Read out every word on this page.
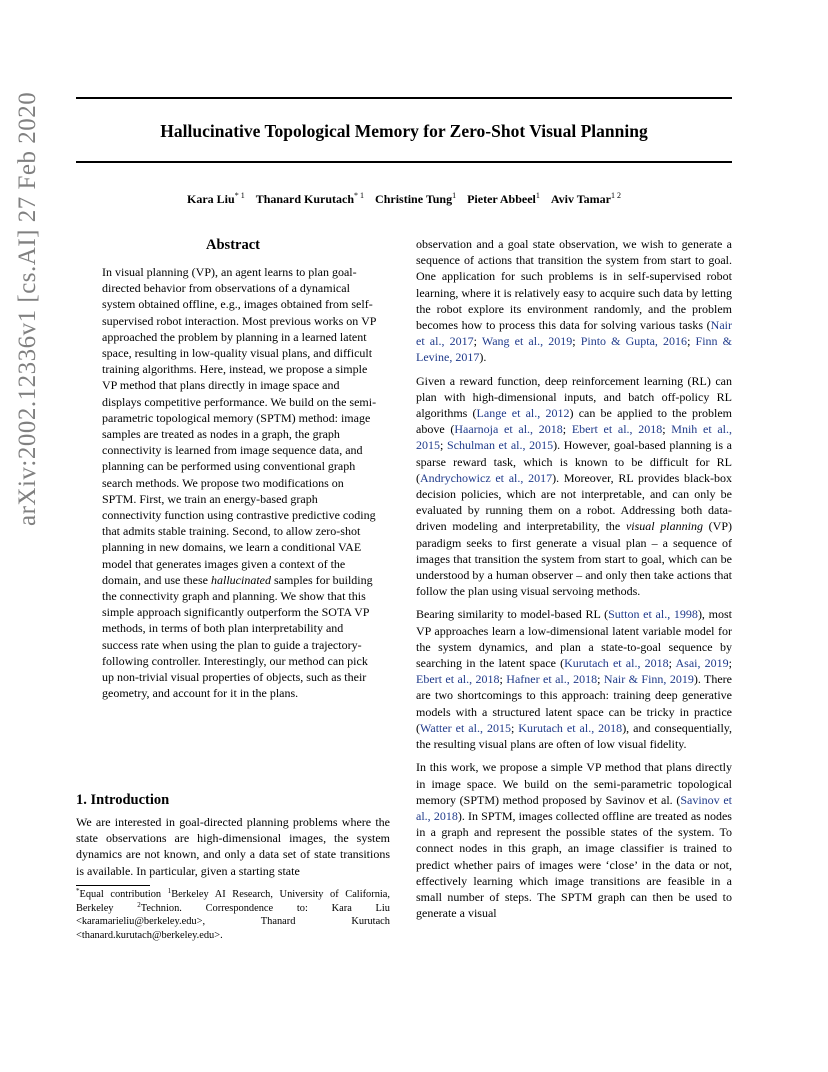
arXiv:2002.12336v1 [cs.AI] 27 Feb 2020	Hallucinative Topological Memory for Zero-Shot Visual Planning
Kara Liu$^{* 1}$ Thanard Kurutach$^{* 1}$ Christine Tung$^1$ Pieter Abbeel$^1$ Aviv Tamar$^{1 2}$
Abstract

In visual planning (VP), an agent learns to plan goal-directed behavior from observations of a dynamical system obtained offline, e.g., images obtained from self-supervised robot interaction. Most previous works on VP approached the problem by planning in a learned latent space, resulting in low-quality visual plans, and difficult training algorithms. Here, instead, we propose a simple VP method that plans directly in image space and displays competitive performance. We build on the semi-parametric topological memory (SPTM) method: image samples are treated as nodes in a graph, the graph connectivity is learned from image sequence data, and planning can be performed using conventional graph search methods. We propose two modifications on SPTM. First, we train an energy-based graph connectivity function using contrastive predictive coding that admits stable training. Second, to allow zero-shot planning in new domains, we learn a conditional VAE model that generates images given a context of the domain, and use these hallucinated samples for building the connectivity graph and planning. We show that this simple approach significantly outperform the SOTA VP methods, in terms of both plan interpretability and success rate when using the plan to guide a trajectory-following controller. Interestingly, our method can pick up non-trivial visual properties of objects, such as their geometry, and account for it in the plans.

1. Introduction

We are interested in goal-directed planning problems where the state observations are high-dimensional images, the system dynamics are not known, and only a data set of state transitions is available. In particular, given a starting state

*Equal contribution $^1$Berkeley AI Research, University of California, Berkeley $^2$Technion. Correspondence to: Kara Liu <karamarieliu@berkeley.edu>, Thanard Kurutach <thanard.kurutach@berkeley.edu>.

observation and a goal state observation, we wish to generate a sequence of actions that transition the system from start to goal. One application for such problems is in self-supervised robot learning, where it is relatively easy to acquire such data by letting the robot explore its environment randomly, and the problem becomes how to process this data for solving various tasks (Nair et al., 2017; Wang et al., 2019; Pinto & Gupta, 2016; Finn & Levine, 2017).

Given a reward function, deep reinforcement learning (RL) can plan with high-dimensional inputs, and batch off-policy RL algorithms (Lange et al., 2012) can be applied to the problem above (Haarnoja et al., 2018; Ebert et al., 2018; Mnih et al., 2015; Schulman et al., 2015). However, goal-based planning is a sparse reward task, which is known to be difficult for RL (Andrychowicz et al., 2017). Moreover, RL provides black-box decision policies, which are not interpretable, and can only be evaluated by running them on a robot. Addressing both data-driven modeling and interpretability, the visual planning (VP) paradigm seeks to first generate a visual plan – a sequence of images that transition the system from start to goal, which can be understood by a human observer – and only then take actions that follow the plan using visual servoing methods.

Bearing similarity to model-based RL (Sutton et al., 1998), most VP approaches learn a low-dimensional latent variable model for the system dynamics, and plan a state-to-goal sequence by searching in the latent space (Kurutach et al., 2018; Asai, 2019; Ebert et al., 2018; Hafner et al., 2018; Nair & Finn, 2019). There are two shortcomings to this approach: training deep generative models with a structured latent space can be tricky in practice (Watter et al., 2015; Kurutach et al., 2018), and consequentially, the resulting visual plans are often of low visual fidelity.

In this work, we propose a simple VP method that plans directly in image space. We build on the semi-parametric topological memory (SPTM) method proposed by Savinov et al. (Savinov et al., 2018). In SPTM, images collected offline are treated as nodes in a graph and represent the possible states of the system. To connect nodes in this graph, an image classifier is trained to predict whether pairs of images were ‘close’ in the data or not, effectively learning which image transitions are feasible in a small number of steps. The SPTM graph can then be used to generate a visual
